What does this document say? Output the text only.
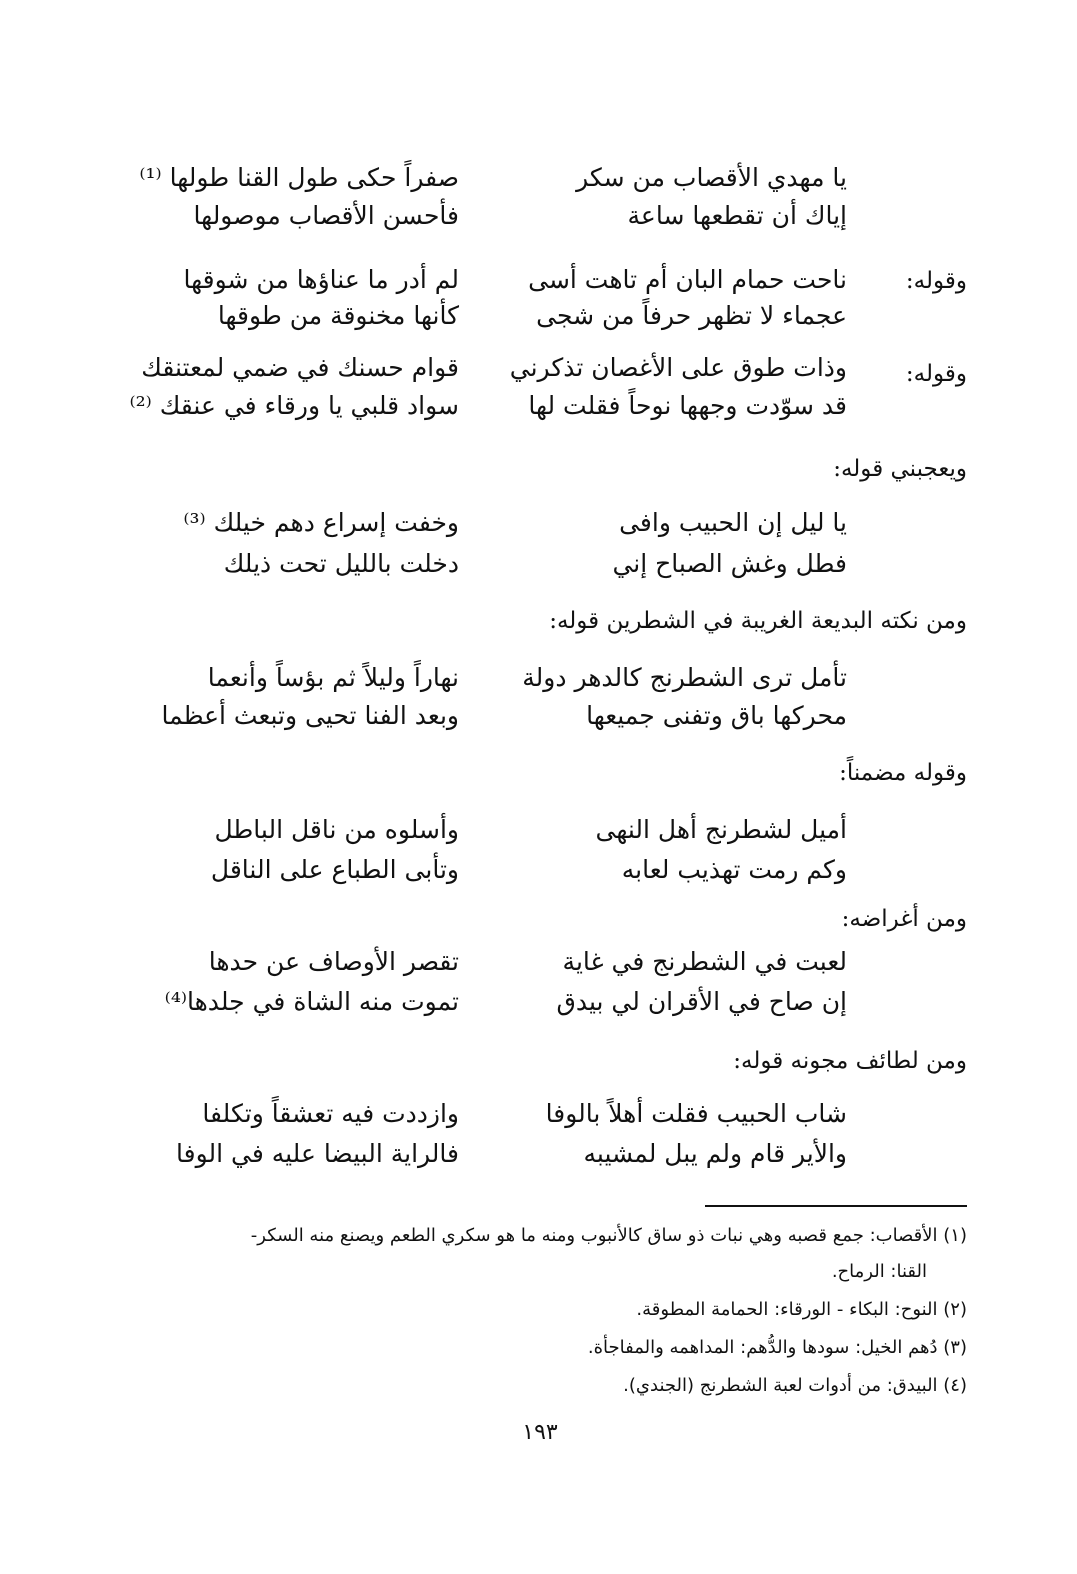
يا مهدي الأقصاب من سكر
صفراً حكى طول القنا طولها ⁽¹⁾
إياك أن تقطعها ساعة
فأحسن الأقصاب موصولها
وقوله:
ناحت حمام البان أم تاهت أسى
لم أدر ما عناؤها من شوقها
عجماء لا تظهر حرفاً من شجى
كأنها مخنوقة من طوقها
وقوله:
وذات طوق على الأغصان تذكرني
قوام حسنك في ضمي لمعتنقك
قد سوّدت وجهها نوحاً فقلت لها
سواد قلبي يا ورقاء في عنقك ⁽²⁾
ويعجبني قوله:
يا ليل إن الحبيب وافى
وخفت إسراع دهم خيلك ⁽³⁾
فطل وغش الصباح إني
دخلت بالليل تحت ذيلك
ومن نكته البديعة الغريبة في الشطرين قوله:
تأمل ترى الشطرنج كالدهر دولة
نهاراً وليلاً ثم بؤساً وأنعما
محركها باق وتفنى جميعها
وبعد الفنا تحيى وتبعث أعظما
وقوله مضمناً:
أميل لشطرنج أهل النهى
وأسلوه من ناقل الباطل
وكم رمت تهذيب لعابه
وتأبى الطباع على الناقل
ومن أغراضه:
لعبت في الشطرنج في غاية
تقصر الأوصاف عن حدها
إن صاح في الأقران لي بيدق
تموت منه الشاة في جلدها⁽⁴⁾
ومن لطائف مجونه قوله:
شاب الحبيب فقلت أهلاً بالوفا
وازددت فيه تعشقاً وتكلفا
والأير قام ولم يبل لمشيبه
فالراية البيضا عليه في الوفا
(١) الأقصاب: جمع قصبه وهي نبات ذو ساق كالأنبوب ومنه ما هو سكري الطعم ويصنع منه السكر-
القنا: الرماح.
(٢) النوح: البكاء - الورقاء: الحمامة المطوقة.
(٣) دُهم الخيل: سودها والدُّهم: المداهمه والمفاجأة.
(٤) البيدق: من أدوات لعبة الشطرنج (الجندي).
١٩٣
